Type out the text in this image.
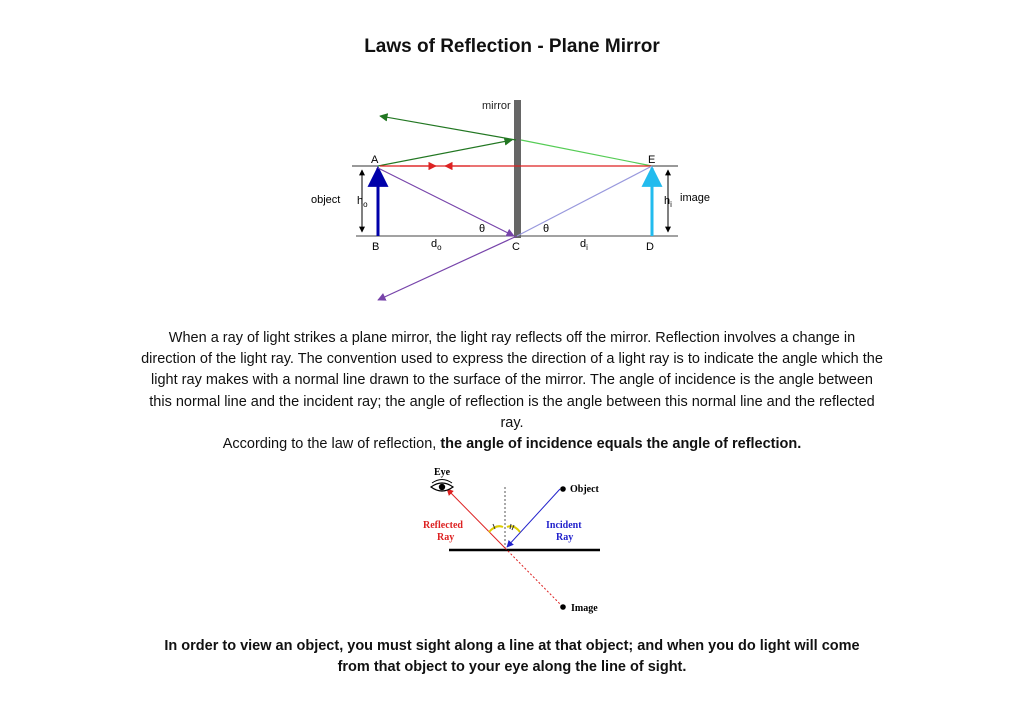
Laws of Reflection - Plane Mirror
mirror
A
B	C	D
E
object	image
$h_o$	$h_i$
$d_o$	$d_i$
θ	θ

When a ray of light strikes a plane mirror, the light ray reflects off the mirror. Reflection involves a change in direction of the light ray. The convention used to express the direction of a light ray is to indicate the angle which the light ray makes with a normal line drawn to the surface of the mirror. The angle of incidence is the angle between this normal line and the incident ray; the angle of reflection is the angle between this normal line and the reflected ray.

According to the law of reflection, the angle of incidence equals the angle of reflection.

Eye
Object
Image
Reflected
Ray
Incident
Ray
In order to view an object, you must sight along a line at that object; and when you do light will come from that object to your eye along the line of sight.
